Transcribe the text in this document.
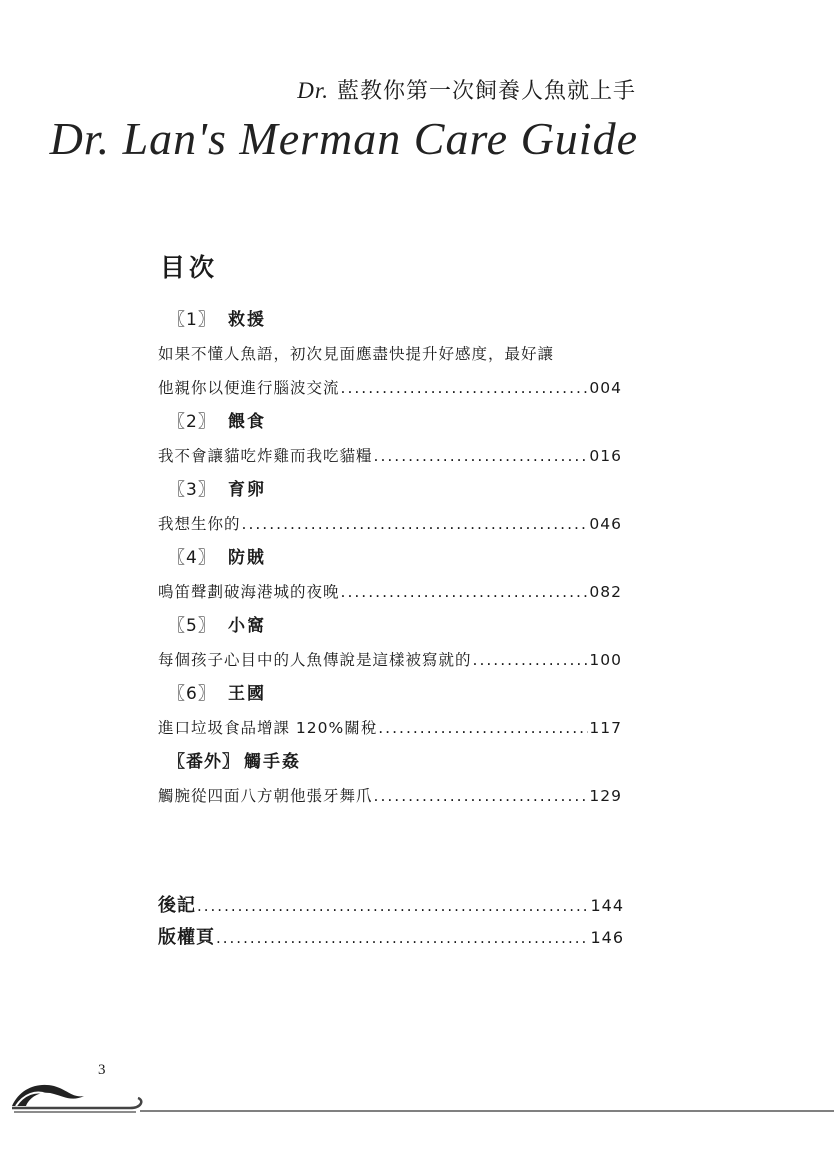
Dr. 藍教你第一次飼養人魚就上手
Dr. Lan's Merman Care Guide
目次
〖1〗 救援
如果不懂人魚語，初次見面應盡快提升好感度，最好讓
他親你以便進行腦波交流 .....	004
〖2〗 餵食
我不會讓貓吃炸雞而我吃貓糧 .....	016
〖3〗 育卵
我想生你的 .....	046
〖4〗 防賊
鳴笛聲劃破海港城的夜晚 .....	082
〖5〗 小窩
每個孩子心目中的人魚傳說是這樣被寫就的 .....	100
〖6〗 王國
進口垃圾食品增課 120%關稅 .....	117
〖番外〗 觸手姦
觸腕從四面八方朝他張牙舞爪 .....	129
後記 .....	144
版權頁 .....	146
3
